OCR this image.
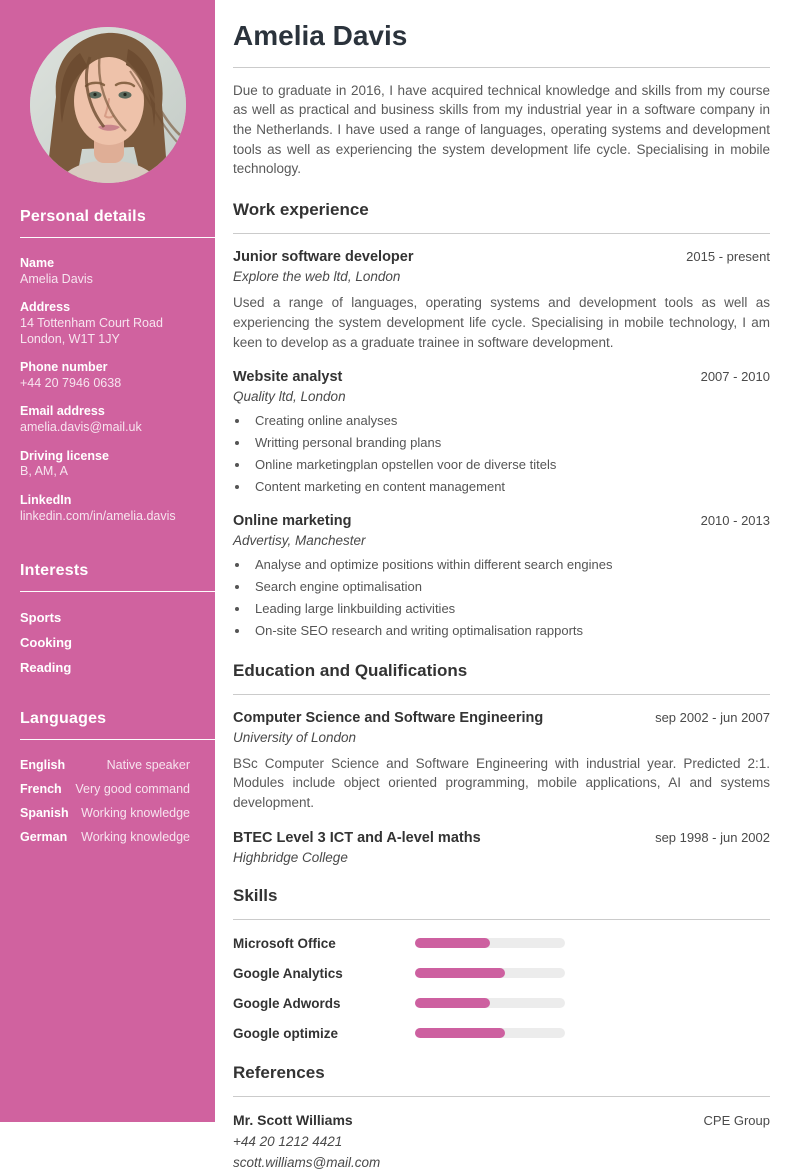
Personal details
Name
Amelia Davis
Address
14 Tottenham Court Road
London, W1T 1JY
Phone number
+44 20 7946 0638
Email address
amelia.davis@mail.uk
Driving license
B, AM, A
LinkedIn
linkedin.com/in/amelia.davis
Interests
Sports
Cooking
Reading
Languages
English	Native speaker
French Very good command
Spanish Working knowledge
German Working knowledge
Amelia Davis

Due to graduate in 2016, I have acquired technical knowledge and skills from my course as well as practical and business skills from my industrial year in a software company in the Netherlands. I have used a range of languages, operating systems and development tools as well as experiencing the system development life cycle. Specialising in mobile technology.

Work experience
Junior software developer	2015 - present
Explore the web ltd, London
Used a range of languages, operating systems and development tools as well as experiencing the system development life cycle. Specialising in mobile technology, I am keen to develop as a graduate trainee in software development.
Website analyst	2007 - 2010
Quality ltd, London
• Creating online analyses
• Writting personal branding plans
• Online marketingplan opstellen voor de diverse titels
• Content marketing en content management
Online marketing	2010 - 2013
Advertisy, Manchester
• Analyse and optimize positions within different search engines
• Search engine optimalisation
• Leading large linkbuilding activities
• On-site SEO research and writing optimalisation rapports
Education and Qualifications
Computer Science and Software Engineering	sep 2002 - jun 2007
University of London
BSc Computer Science and Software Engineering with industrial year. Predicted 2:1. Modules include object oriented programming, mobile applications, AI and systems development.
BTEC Level 3 ICT and A-level maths	sep 1998 - jun 2002
Highbridge College
Skills
Microsoft Office
Google Analytics
Google Adwords
Google optimize
References
Mr. Scott Williams	CPE Group
+44 20 1212 4421
scott.williams@mail.com
